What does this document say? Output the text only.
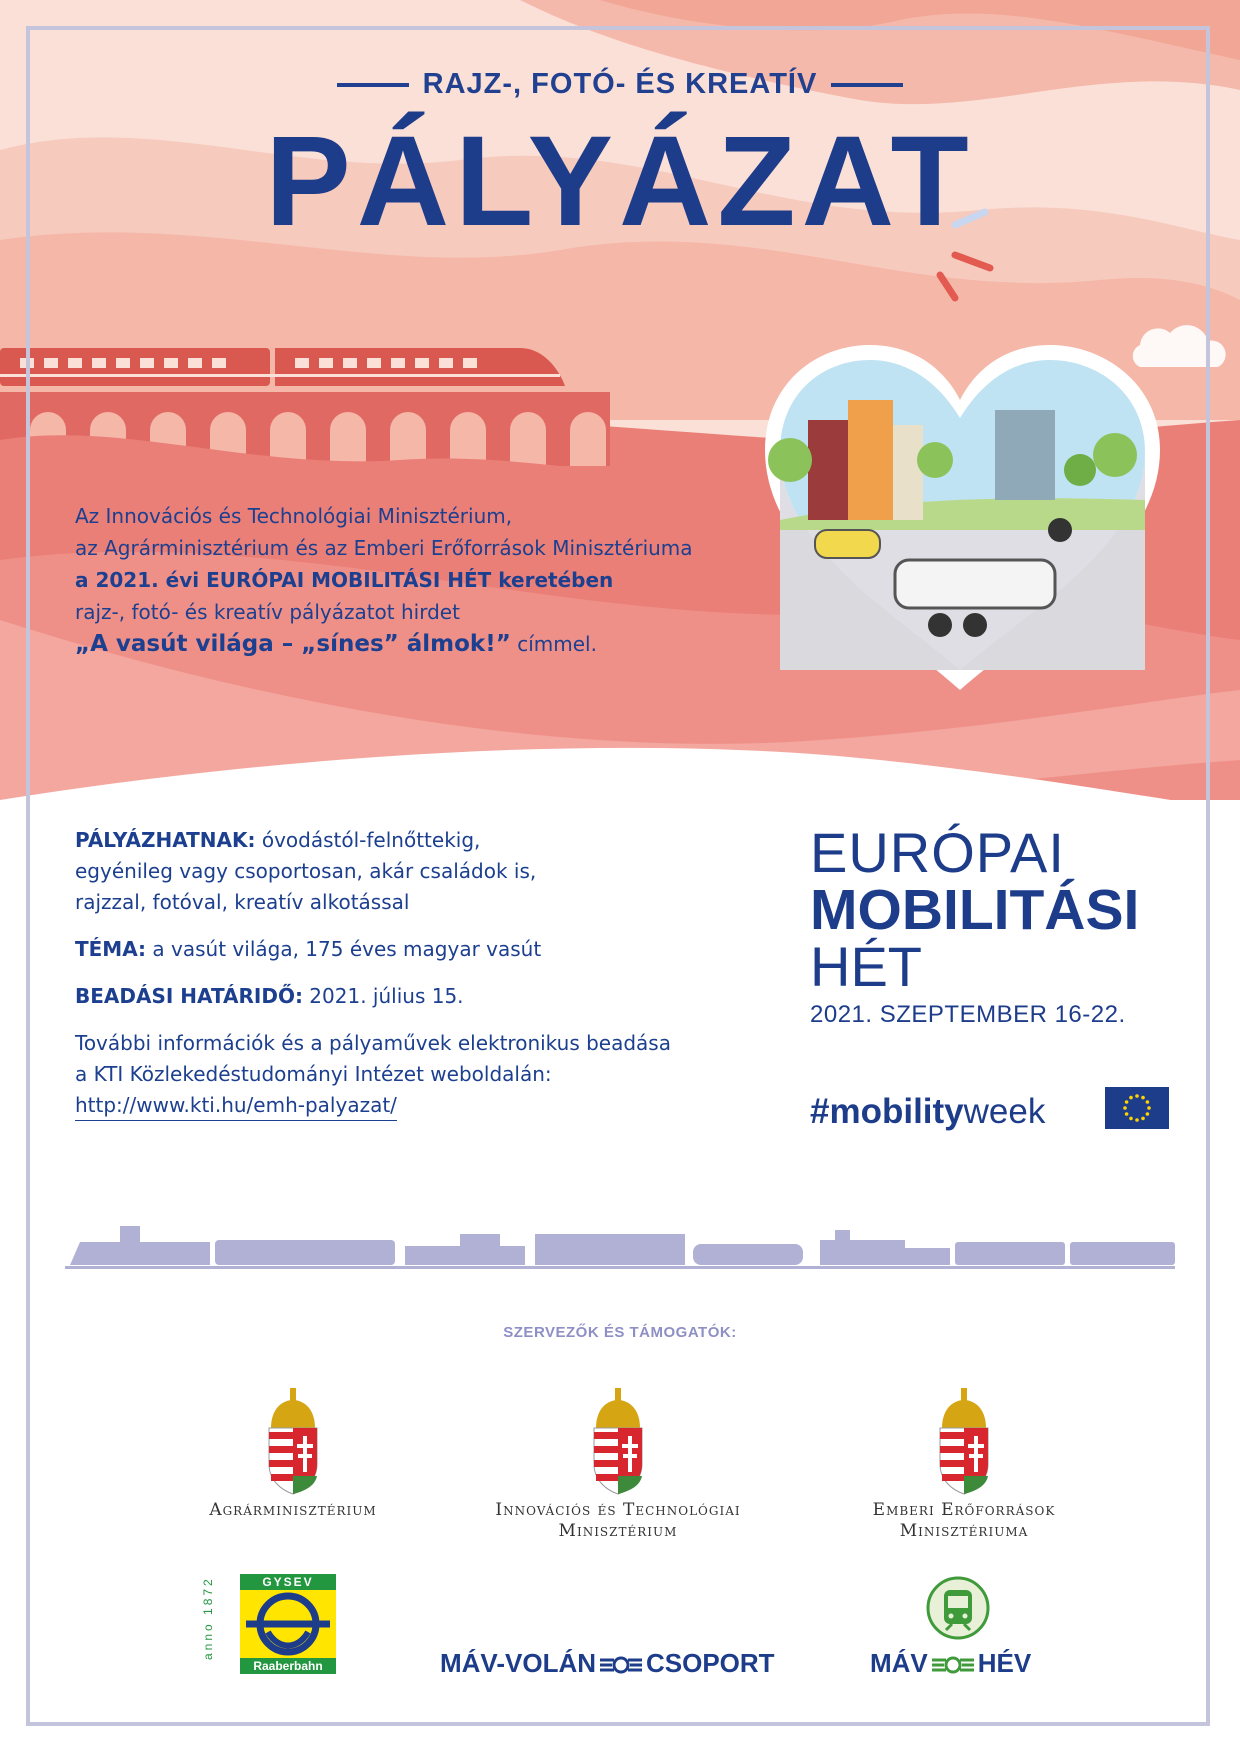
RAJZ-, FOTÓ- ÉS KREATÍV
PÁLYÁZAT

Az Innovációs és Technológiai Minisztérium,

az Agrárminisztérium és az Emberi Erőforrások Minisztériuma

a 2021. évi EURÓPAI MOBILITÁSI HÉT keretében

rajz-, fotó- és kreatív pályázatot hirdet

„A vasút világa – „sínes” álmok!” címmel.

PÁLYÁZHATNAK: óvodástól-felnőttekig,

egyénileg vagy csoportosan, akár családok is,

rajzzal, fotóval, kreatív alkotással

TÉMA: a vasút világa, 175 éves magyar vasút

BEADÁSI HATÁRIDŐ: 2021. július 15.

További információk és a pályaművek elektronikus beadása

a KTI Közlekedéstudományi Intézet weboldalán:

http://www.kti.hu/emh-palyazat/

EURÓPAI
MOBILITÁSI
HÉT
2021. SZEPTEMBER 16-22.
#mobilityweek
SZERVEZŐK ÉS TÁMOGATÓK:
Agrárminisztérium	Innovációs és Technológiai
Minisztérium
Emberi Erőforrások
Minisztériuma
anno 1872	GYSEV
Raaberbahn	MÁV-VOLÁN CSOPORT	MÁV HÉV
